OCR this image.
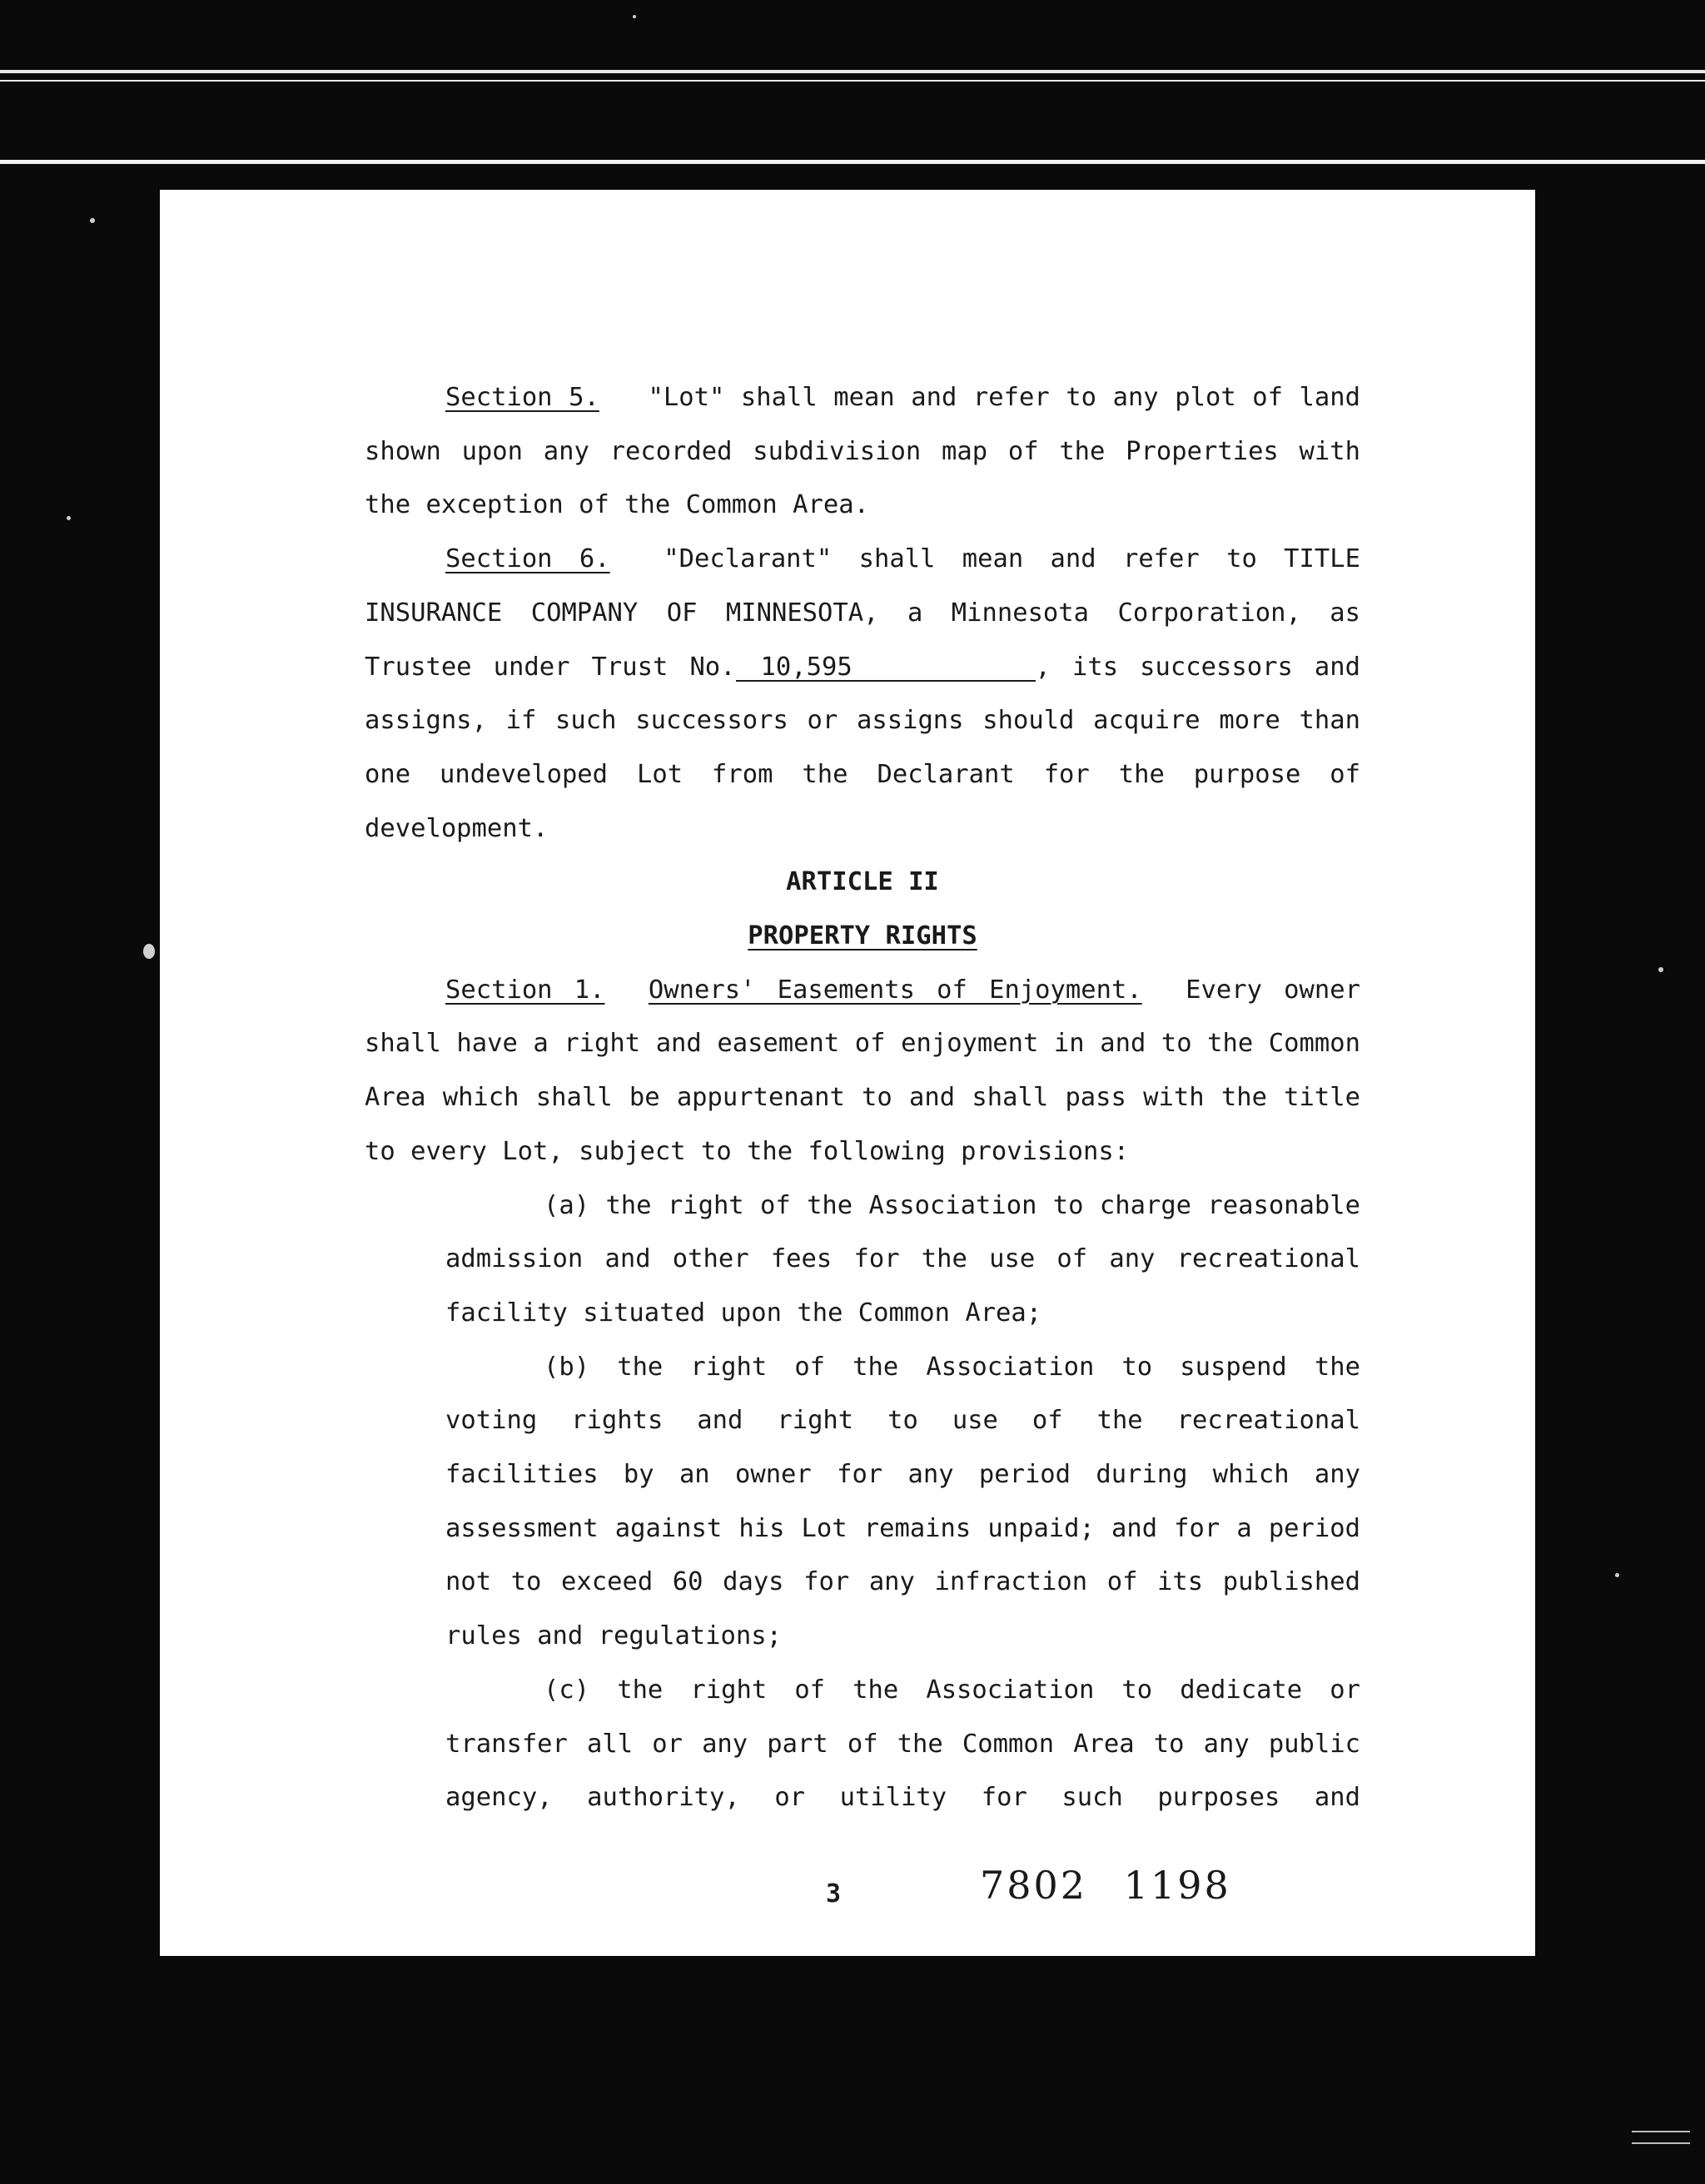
Section 5. "Lot" shall mean and refer to any plot of land shown upon any recorded subdivision map of the Properties with the exception of the Common Area.

Section 6. "Declarant" shall mean and refer to TITLE INSURANCE COMPANY OF MINNESOTA, a Minnesota Corporation, as Trustee under Trust No. 10,595	, its successors and assigns, if such successors or assigns should acquire more than one undeveloped Lot from the Declarant for the purpose of development.

ARTICLE II

PROPERTY RIGHTS

Section 1. Owners' Easements of Enjoyment. Every owner shall have a right and easement of enjoyment in and to the Common Area which shall be appurtenant to and shall pass with the title to every Lot, subject to the following provisions:

(a) the right of the Association to charge reasonable admission and other fees for the use of any recreational facility situated upon the Common Area;

(b) the right of the Association to suspend the voting rights and right to use of the recreational facilities by an owner for any period during which any assessment against his Lot remains unpaid; and for a period not to exceed 60 days for any infraction of its published rules and regulations;

(c) the right of the Association to dedicate or transfer all or any part of the Common Area to any public agency, authority, or utility for such purposes and

3	7802 1198
